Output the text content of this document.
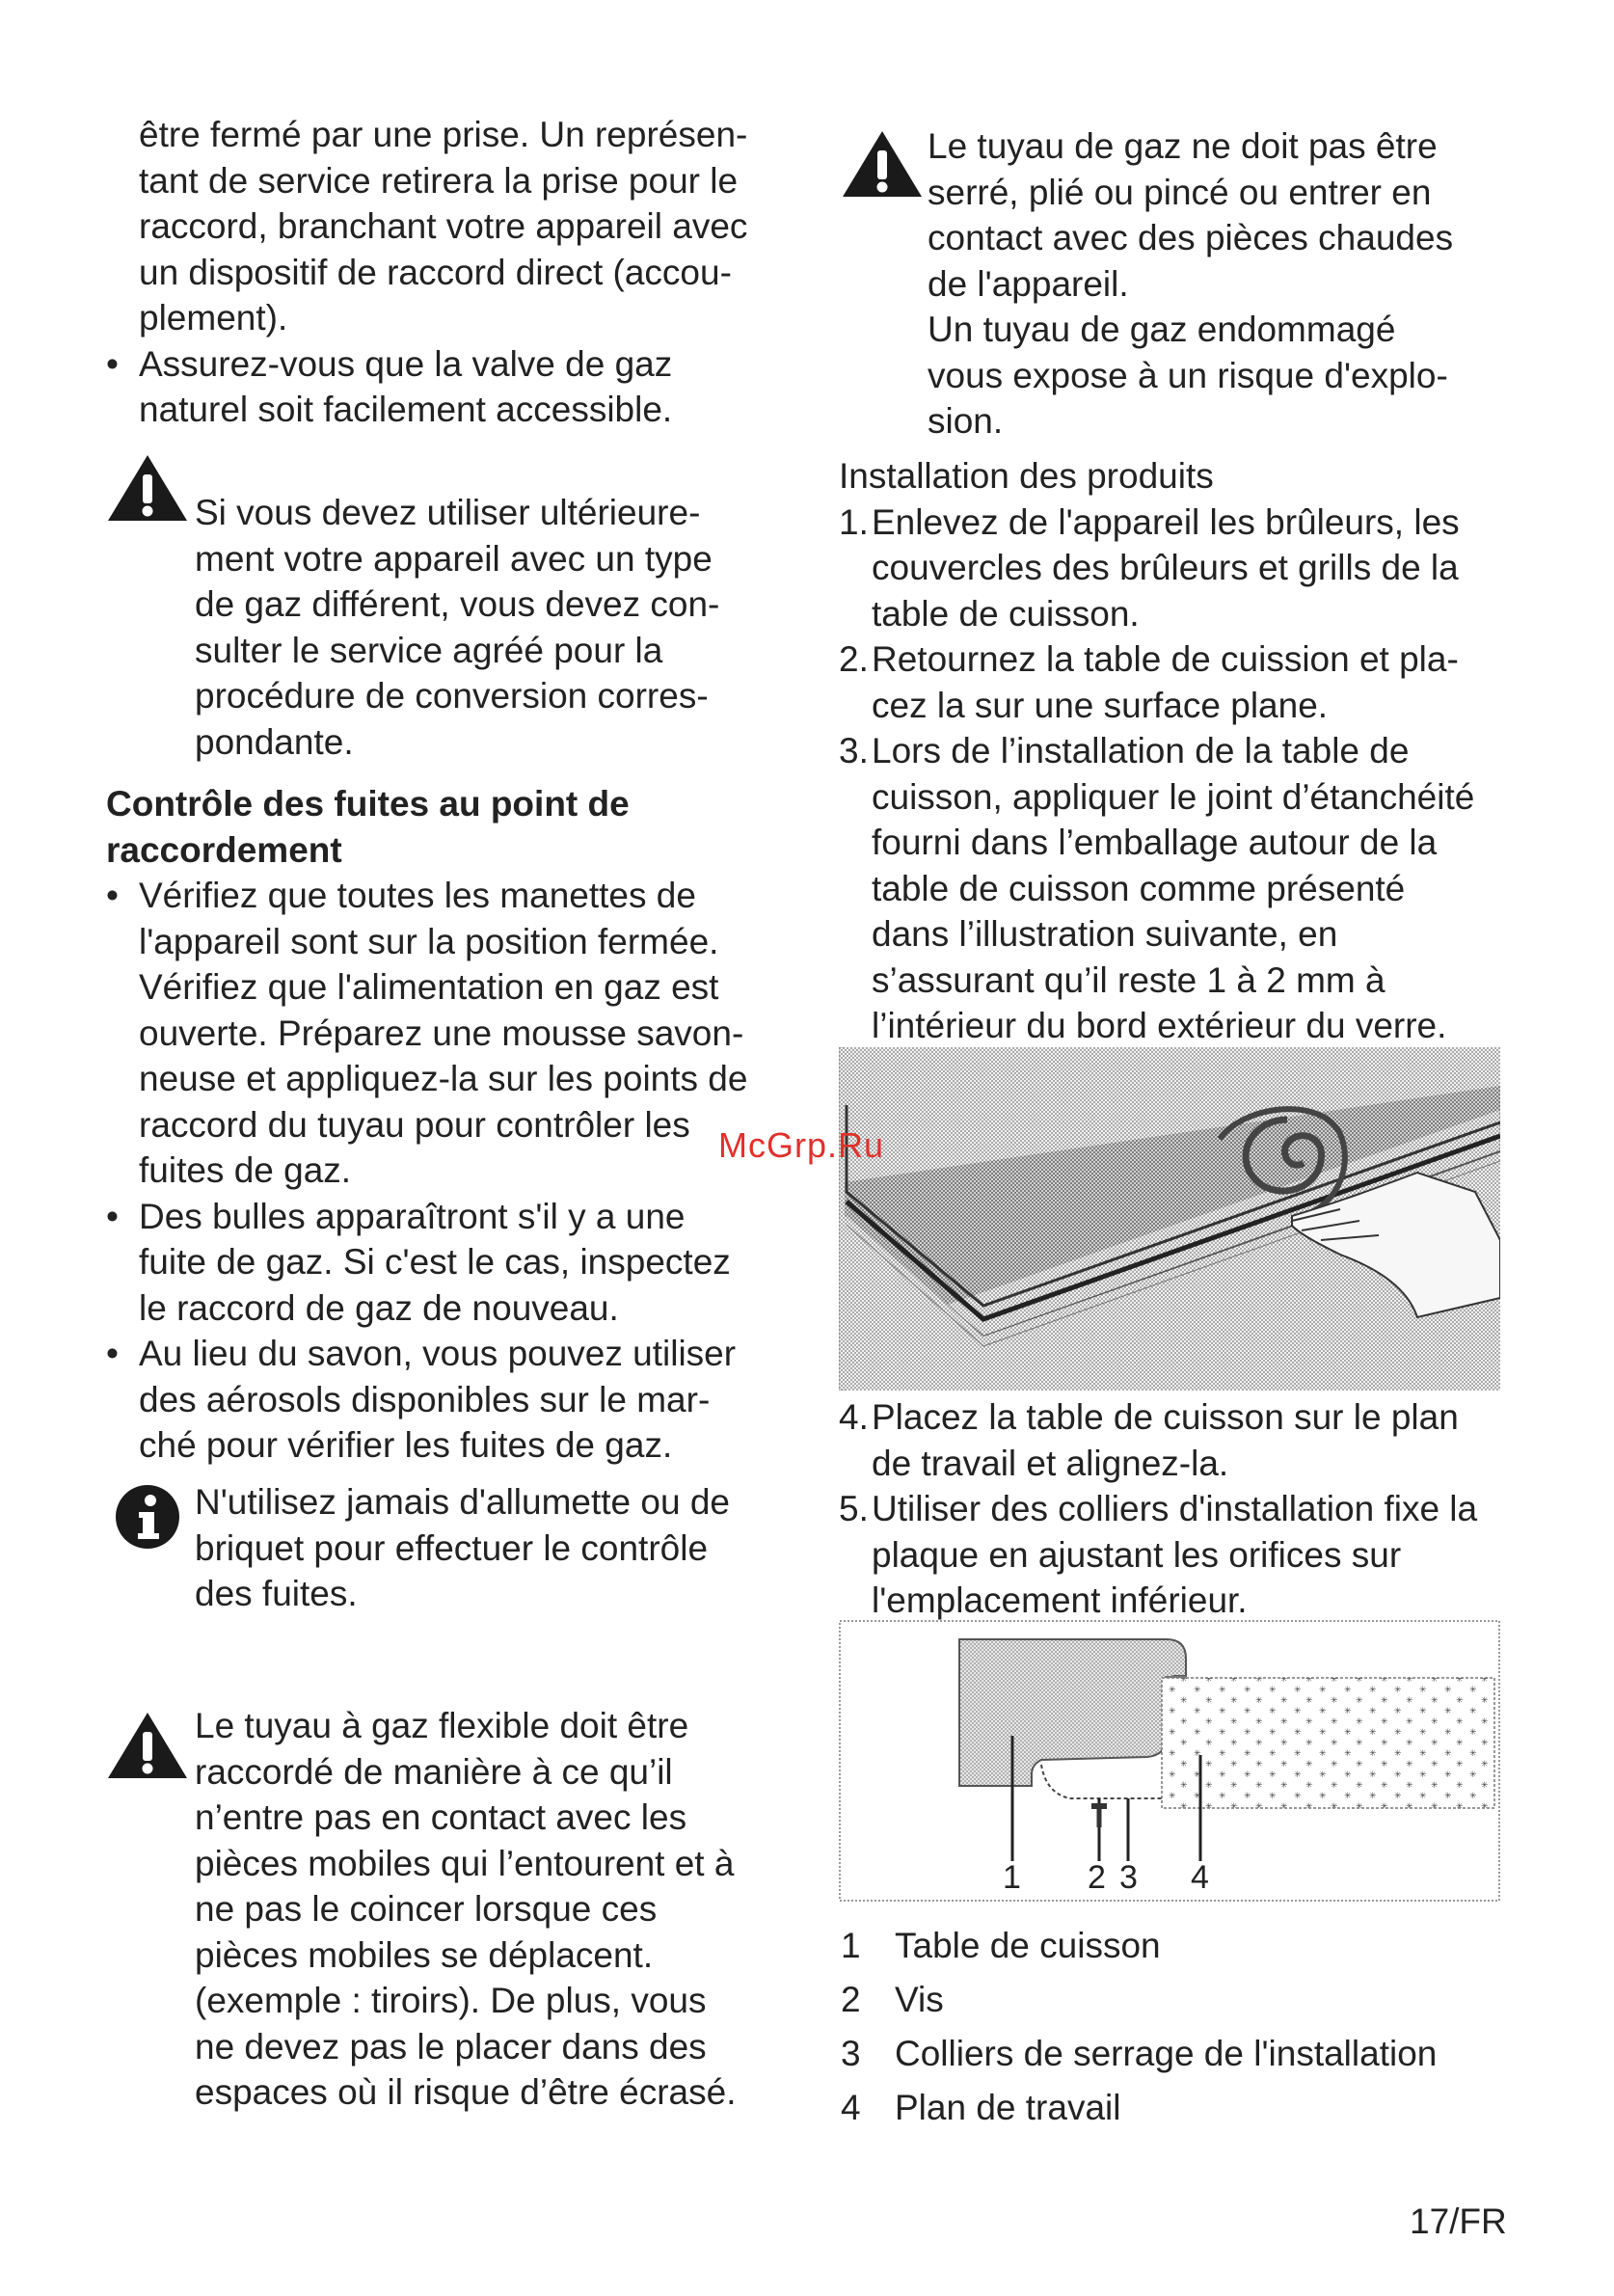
être fermé par une prise. Un représen-

tant de service retirera la prise pour le

raccord, branchant votre appareil avec

un dispositif de raccord direct (accou-

plement).

• Assurez-vous que la valve de gaz

naturel soit facilement accessible.

Si vous devez utiliser ultérieure-

ment votre appareil avec un type

de gaz différent, vous devez con-

sulter le service agréé pour la

procédure de conversion corres-

pondante.

Contrôle des fuites au point de

raccordement

• Vérifiez que toutes les manettes de

l'appareil sont sur la position fermée.

Vérifiez que l'alimentation en gaz est

ouverte. Préparez une mousse savon-

neuse et appliquez-la sur les points de

raccord du tuyau pour contrôler les

fuites de gaz.

• Des bulles apparaîtront s'il y a une

fuite de gaz. Si c'est le cas, inspectez

le raccord de gaz de nouveau.

• Au lieu du savon, vous pouvez utiliser

des aérosols disponibles sur le mar-

ché pour vérifier les fuites de gaz.

N'utilisez jamais d'allumette ou de

briquet pour effectuer le contrôle

des fuites.

Le tuyau à gaz flexible doit être

raccordé de manière à ce qu’il

n’entre pas en contact avec les

pièces mobiles qui l’entourent et à

ne pas le coincer lorsque ces

pièces mobiles se déplacent.

(exemple : tiroirs). De plus, vous

ne devez pas le placer dans des

espaces où il risque d’être écrasé.

Le tuyau de gaz ne doit pas être

serré, plié ou pincé ou entrer en

contact avec des pièces chaudes

de l'appareil.

Un tuyau de gaz endommagé

vous expose à un risque d'explo-

sion.

Installation des produits

1. Enlevez de l'appareil les brûleurs, les

couvercles des brûleurs et grills de la

table de cuisson.

2. Retournez la table de cuission et pla-

cez la sur une surface plane.

3. Lors de l’installation de la table de

cuisson, appliquer le joint d’étanchéité

fourni dans l’emballage autour de la

table de cuisson comme présenté

dans l’illustration suivante, en

s’assurant qu’il reste 1 à 2 mm à

l’intérieur du bord extérieur du verre.

4. Placez la table de cuisson sur le plan

de travail et alignez-la.

5. Utiliser des colliers d'installation fixe la

plaque en ajustant les orifices sur

l'emplacement inférieur.

1 2 3 4
1 Table de cuisson
2 Vis
3 Colliers de serrage de l'installation
4 Plan de travail
McGrp.Ru
17/FR
